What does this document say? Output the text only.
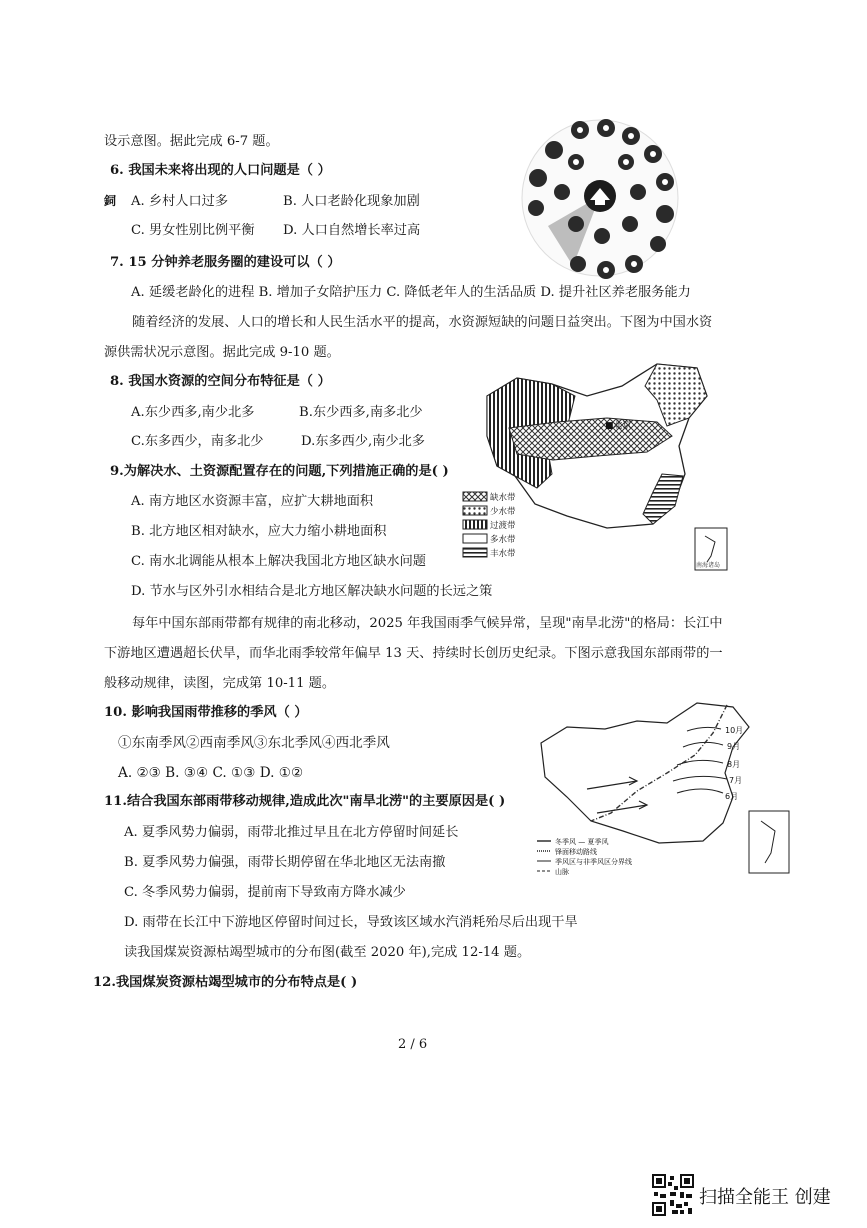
设示意图。据此完成 6-7 题。
6. 我国未来将出现的人口问题是（ ）
鉰 A. 乡村人口过多	B. 人口老龄化现象加剧
C. 男女性别比例平衡 D. 人口自然增长率过高
7. 15 分钟养老服务圈的建设可以（ ）
A. 延缓老龄化的进程 B. 增加子女陪护压力 C. 降低老年人的生活品质 D. 提升社区养老服务能力
随着经济的发展、人口的增长和人民生活水平的提高，水资源短缺的问题日益突出。下图为中国水资
源供需状况示意图。据此完成 9-10 题。
8. 我国水资源的空间分布特征是（ ）
A.东少西多,南少北多	B.东少西多,南多北少
C.东多西少，南多北少	D.东多西少,南少北多
9.为解决水、土资源配置存在的问题,下列措施正确的是( )
A. 南方地区水资源丰富，应扩大耕地面积
B. 北方地区相对缺水，应大力缩小耕地面积
C. 南水北调能从根本上解决我国北方地区缺水问题
D. 节水与区外引水相结合是北方地区解决缺水问题的长远之策
每年中国东部雨带都有规律的南北移动，2025 年我国雨季气候异常，呈现"南旱北涝"的格局：长江中
下游地区遭遇超长伏旱，而华北雨季较常年偏早 13 天、持续时长创历史纪录。下图示意我国东部雨带的一
般移动规律，读图，完成第 10-11 题。
10. 影响我国雨带推移的季风（ ）
①东南季风②西南季风③东北季风④西北季风
A. ②③ B. ③④ C. ①③ D. ①②
11.结合我国东部雨带移动规律,造成此次"南旱北涝"的主要原因是( )
A. 夏季风势力偏弱，雨带北推过早且在北方停留时间延长
B. 夏季风势力偏强，雨带长期停留在华北地区无法南撤
C. 冬季风势力偏弱，提前南下导致南方降水减少
D. 雨带在长江中下游地区停留时间过长，导致该区域水汽消耗殆尽后出现干旱
读我国煤炭资源枯竭型城市的分布图(截至 2020 年),完成 12-14 题。
12.我国煤炭资源枯竭型城市的分布特点是( )
■北京
南海诸岛
缺水带
少水带
过渡带
多水带
丰水带
10月
9月
8月
7月
6月
冬季风 — 夏季风
锋面移动路线
季风区与非季风区分界线
山脉
2 / 6
扫描全能王 创建
